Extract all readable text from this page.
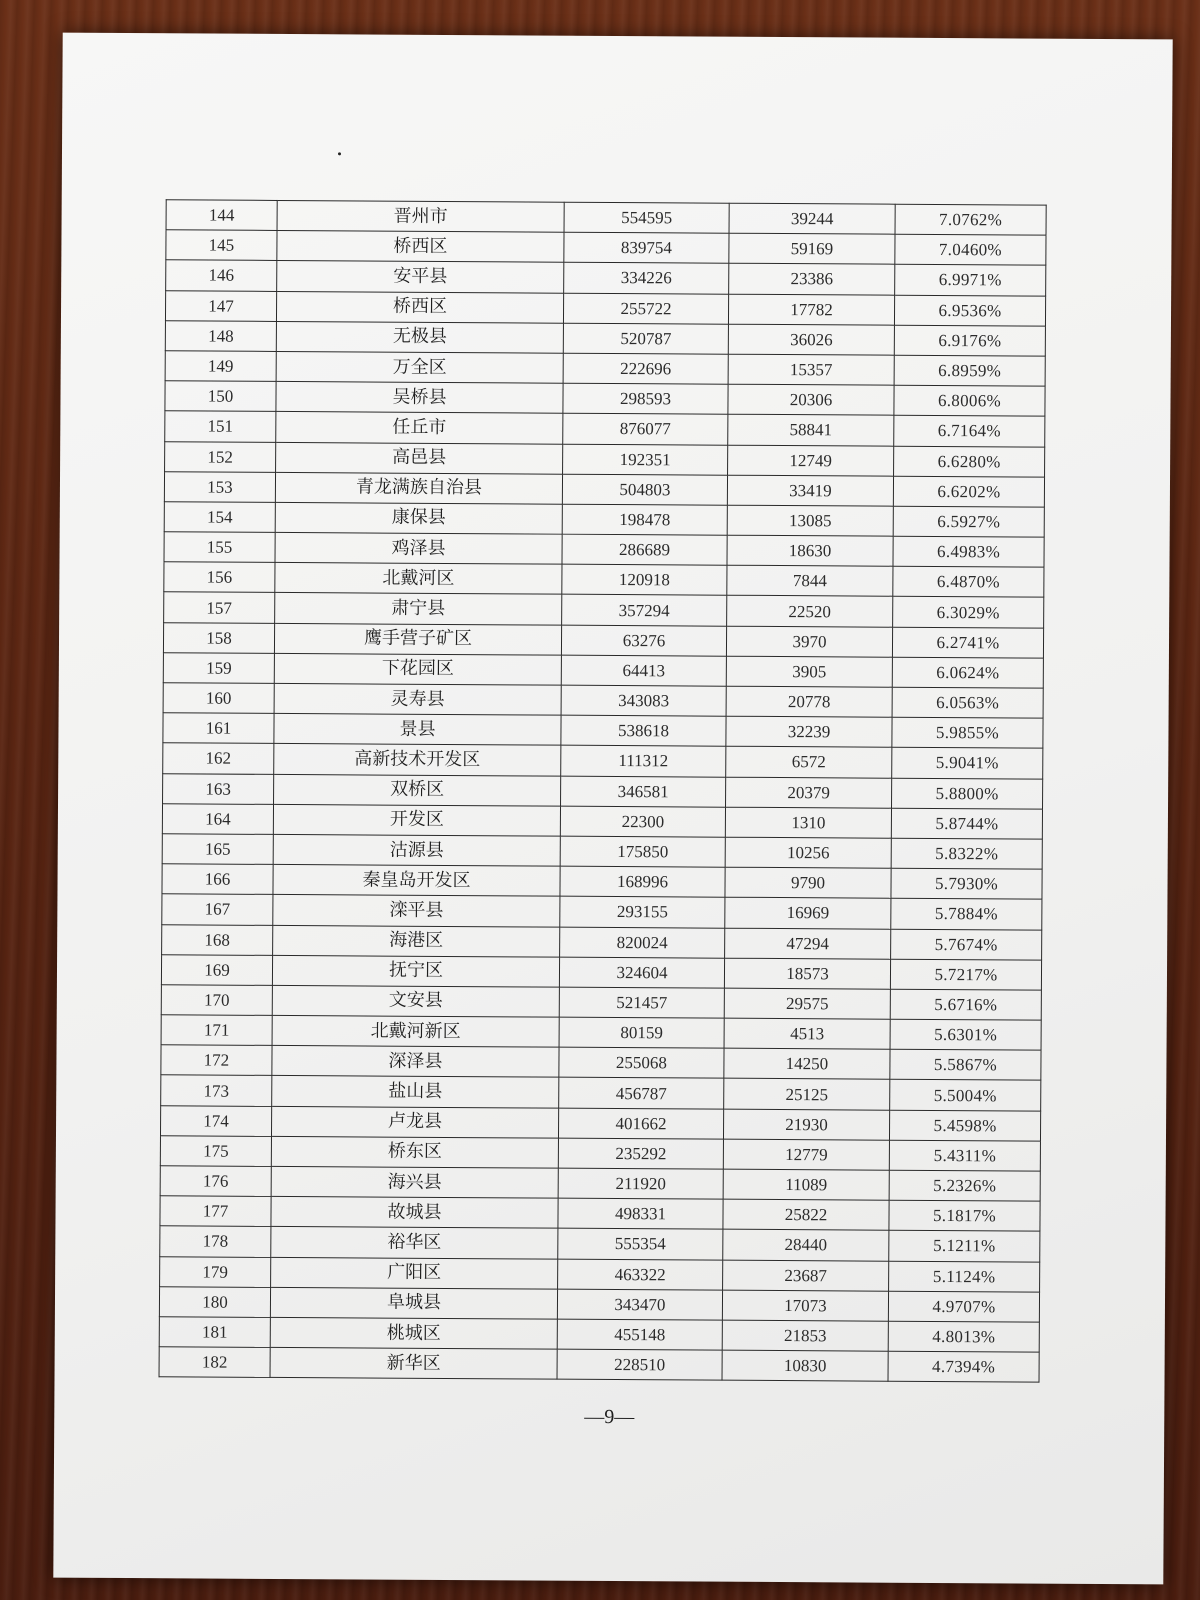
144	晋州市	554595	39244	7.0762%
145	桥西区	839754	59169	7.0460%
146	安平县	334226	23386	6.9971%
147	桥西区	255722	17782	6.9536%
148	无极县	520787	36026	6.9176%
149	万全区	222696	15357	6.8959%
150	吴桥县	298593	20306	6.8006%
151	任丘市	876077	58841	6.7164%
152	高邑县	192351	12749	6.6280%
153	青龙满族自治县	504803	33419	6.6202%
154	康保县	198478	13085	6.5927%
155	鸡泽县	286689	18630	6.4983%
156	北戴河区	120918	7844	6.4870%
157	肃宁县	357294	22520	6.3029%
158	鹰手营子矿区	63276	3970	6.2741%
159	下花园区	64413	3905	6.0624%
160	灵寿县	343083	20778	6.0563%
161	景县	538618	32239	5.9855%
162	高新技术开发区	111312	6572	5.9041%
163	双桥区	346581	20379	5.8800%
164	开发区	22300	1310	5.8744%
165	沽源县	175850	10256	5.8322%
166	秦皇岛开发区	168996	9790	5.7930%
167	滦平县	293155	16969	5.7884%
168	海港区	820024	47294	5.7674%
169	抚宁区	324604	18573	5.7217%
170	文安县	521457	29575	5.6716%
171	北戴河新区	80159	4513	5.6301%
172	深泽县	255068	14250	5.5867%
173	盐山县	456787	25125	5.5004%
174	卢龙县	401662	21930	5.4598%
175	桥东区	235292	12779	5.4311%
176	海兴县	211920	11089	5.2326%
177	故城县	498331	25822	5.1817%
178	裕华区	555354	28440	5.1211%
179	广阳区	463322	23687	5.1124%
180	阜城县	343470	17073	4.9707%
181	桃城区	455148	21853	4.8013%
182	新华区	228510	10830	4.7394%
—9—
